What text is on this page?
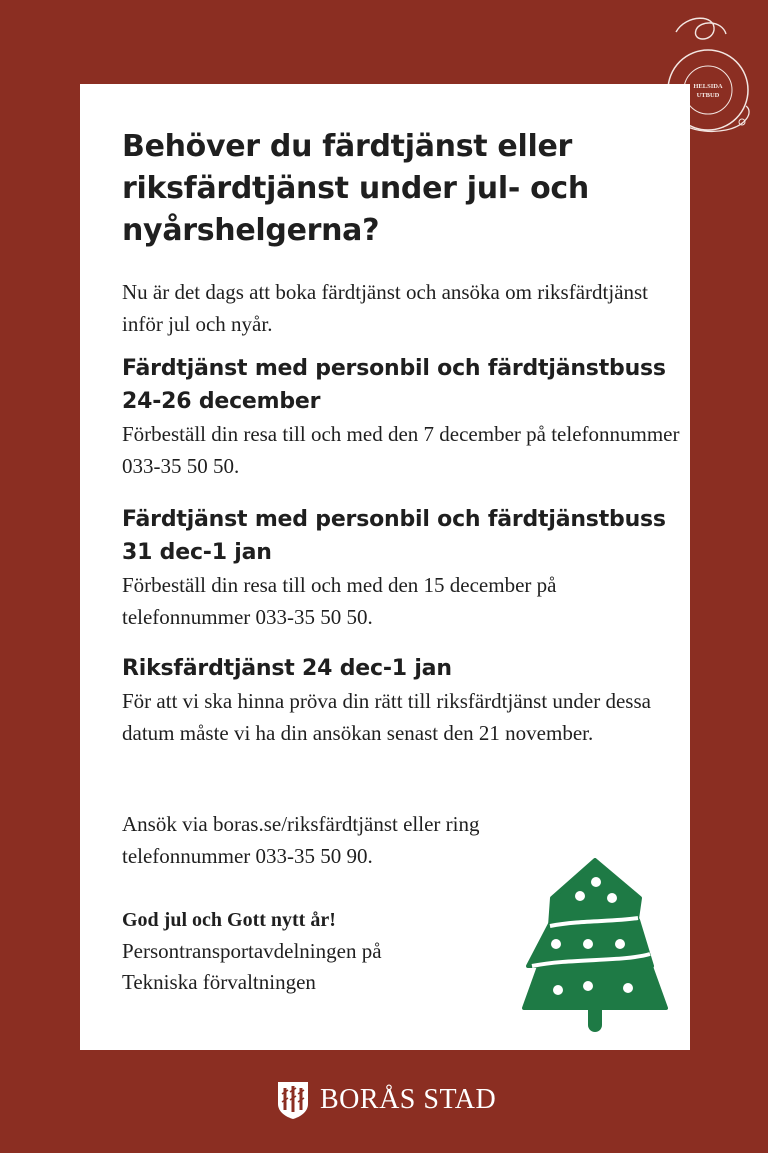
HELSIDA
UTBUD
Behöver du färdtjänst eller riksfärdtjänst under jul- och nyårshelgerna?

Nu är det dags att boka färdtjänst och ansöka om riksfärdtjänst inför jul och nyår.

Färdtjänst med personbil och färdtjänstbuss 24-26 december

Förbeställ din resa till och med den 7 december på telefonnummer 033-35 50 50.

Färdtjänst med personbil och färdtjänstbuss 31 dec-1 jan

Förbeställ din resa till och med den 15 december på telefonnummer 033-35 50 50.

Riksfärdtjänst 24 dec-1 jan

För att vi ska hinna pröva din rätt till riksfärdtjänst under dessa datum måste vi ha din ansökan senast den 21 november.

Ansök via boras.se/riksfärdtjänst eller ring telefonnummer 033-35 50 90.

God jul och Gott nytt år!

Persontransportavdelningen på

Tekniska förvaltningen

BORÅS STAD
